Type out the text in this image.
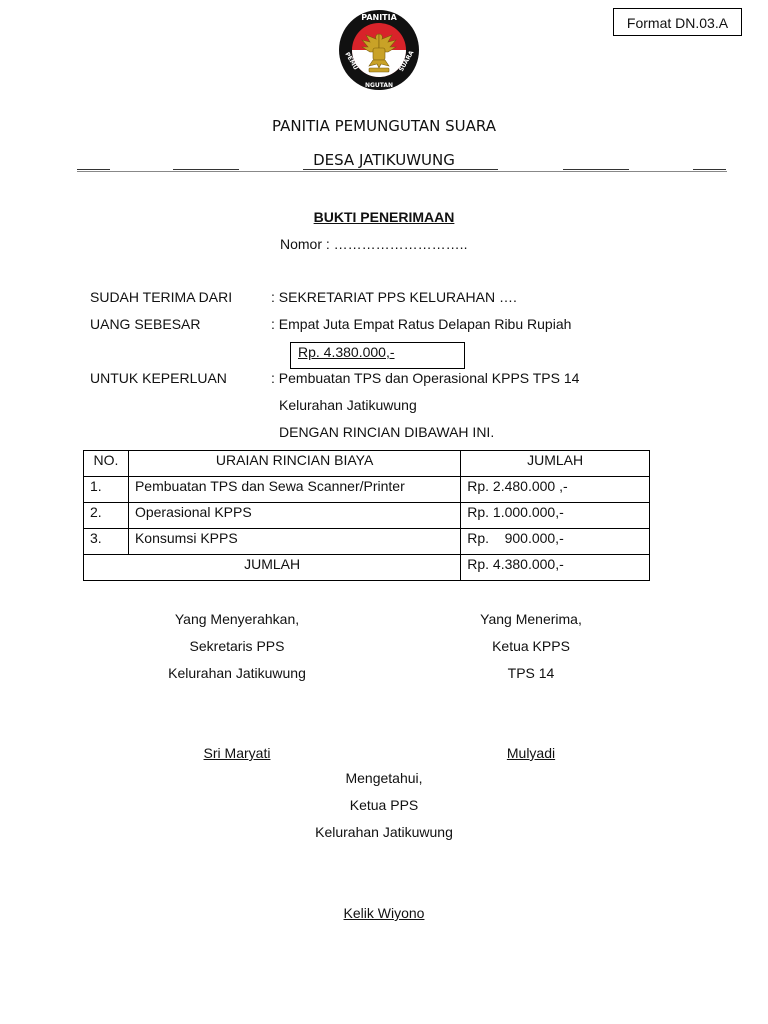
Format DN.03.A
PANITIA
PEMU
NGUTAN
SUARA
PANITIA PEMUNGUTAN SUARA
DESA JATIKUWUNG
BUKTI PENERIMAAN
Nomor : ………………………..
SUDAH TERIMA DARI	: SEKRETARIAT PPS KELURAHAN ….
UANG SEBESAR	: Empat Juta Empat Ratus Delapan Ribu Rupiah
Rp. 4.380.000,-
UNTUK KEPERLUAN	: Pembuatan TPS dan Operasional KPPS TPS 14
Kelurahan Jatikuwung
DENGAN RINCIAN DIBAWAH INI.
NO.	URAIAN RINCIAN BIAYA	JUMLAH
1.	Pembuatan TPS dan Sewa Scanner/Printer	Rp. 2.480.000 ,-
2.	Operasional KPPS	Rp. 1.000.000,-
3.	Konsumsi KPPS	Rp.    900.000,-
JUMLAH		Rp. 4.380.000,-
Yang Menyerahkan,
Sekretaris PPS
Kelurahan Jatikuwung
Sri Maryati
Yang Menerima,
Ketua KPPS
TPS 14
Mulyadi
Mengetahui,
Ketua PPS
Kelurahan Jatikuwung
Kelik Wiyono
